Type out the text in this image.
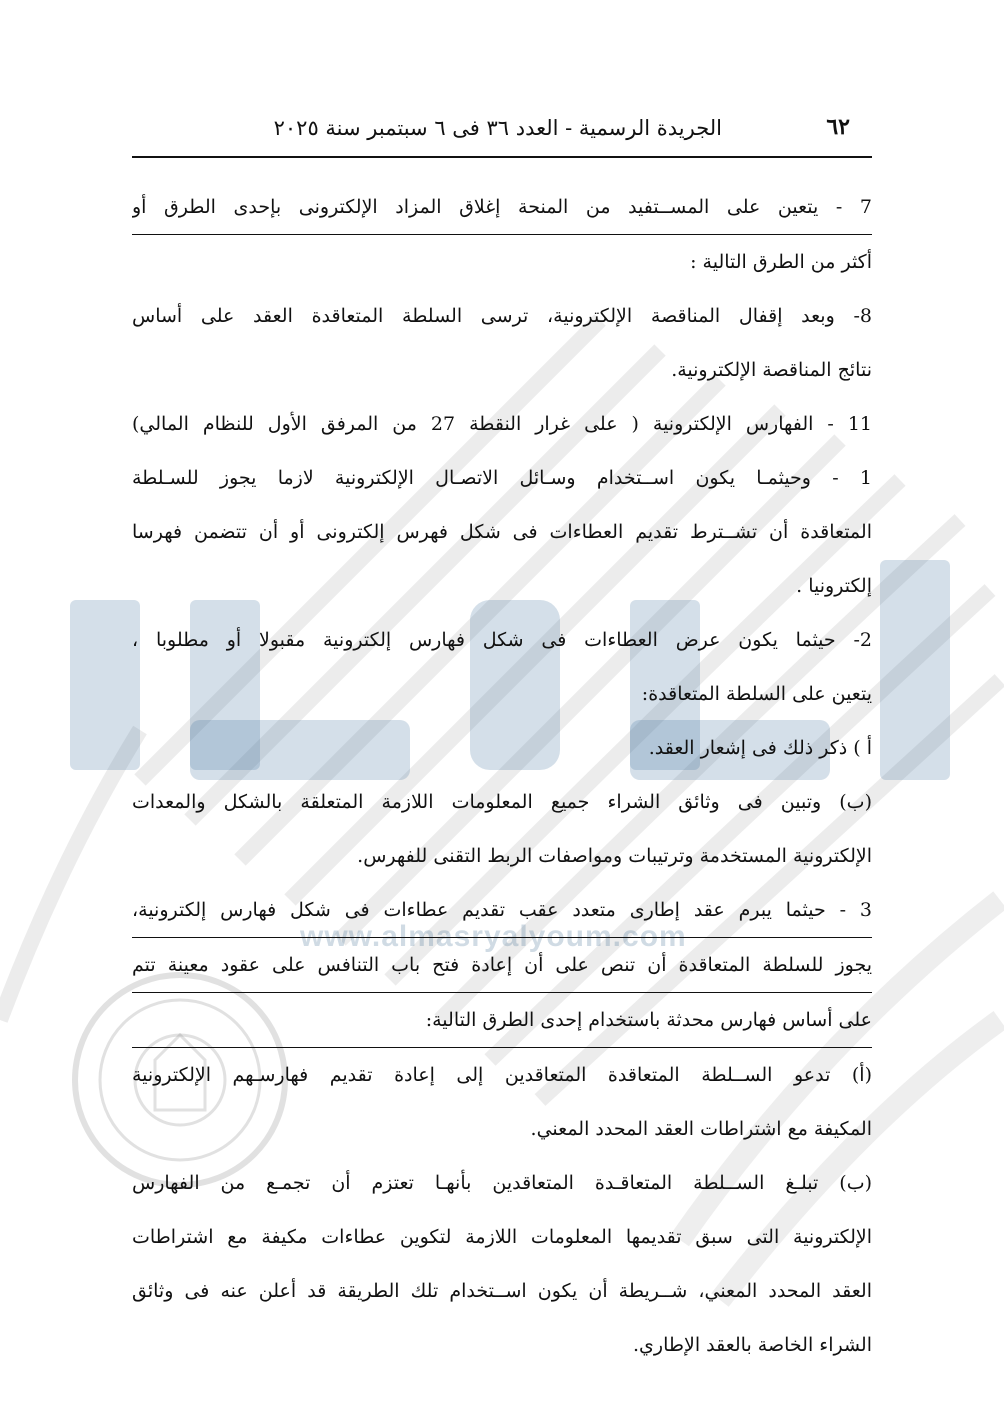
www.almasryalyoum.com
٦٢
الجريدة الرسمية - العدد ٣٦ فى ٦ سبتمبر سنة ٢٠٢٥
7 - يتعين على المســتفيد من المنحة إغلاق المزاد الإلكترونى بإحدى الطرق أو
أكثر من الطرق التالية :
8- وبعد إقفال المناقصة الإلكترونية، ترسى السلطة المتعاقدة العقد على أساس
نتائج المناقصة الإلكترونية.
11 - الفهارس الإلكترونية ( على غرار النقطة 27 من المرفق الأول للنظام المالي)
1 - وحيثمـا يكون اســتخدام وسـائل الاتصـال الإلكترونية لازما يجوز للسـلطة
المتعاقدة أن تشــترط تقديم العطاءات فى شكل فهرس إلكترونى أو أن تتضمن فهرسا
إلكترونيا .
2- حيثما يكون عرض العطاءات فى شكل فهارس إلكترونية مقبولا أو مطلوبا ،
يتعين على السلطة المتعاقدة:
أ ) ذكر ذلك فى إشعار العقد.
(ب) وتبين فى وثائق الشراء جميع المعلومات اللازمة المتعلقة بالشكل والمعدات
الإلكترونية المستخدمة وترتيبات ومواصفات الربط التقنى للفهرس.
3 - حيثما يبرم عقد إطارى متعدد عقب تقديم عطاءات فى شكل فهارس إلكترونية،
يجوز للسلطة المتعاقدة أن تنص على أن إعادة فتح باب التنافس على عقود معينة تتم
على أساس فهارس محدثة باستخدام إحدى الطرق التالية:
(أ) تدعو الســلطة المتعاقدة المتعاقدين إلى إعادة تقديم فهارسـهم الإلكترونية
المكيفة مع اشتراطات العقد المحدد المعني.
(ب) تبلـغ الســلطة المتعاقـدة المتعاقدين بأنهـا تعتزم أن تجمـع من الفهارس
الإلكترونية التى سبق تقديمها المعلومات اللازمة لتكوين عطاءات مكيفة مع اشتراطات
العقد المحدد المعني، شــريطة أن يكون اســتخدام تلك الطريقة قد أعلن عنه فى وثائق
الشراء الخاصة بالعقد الإطاري.
